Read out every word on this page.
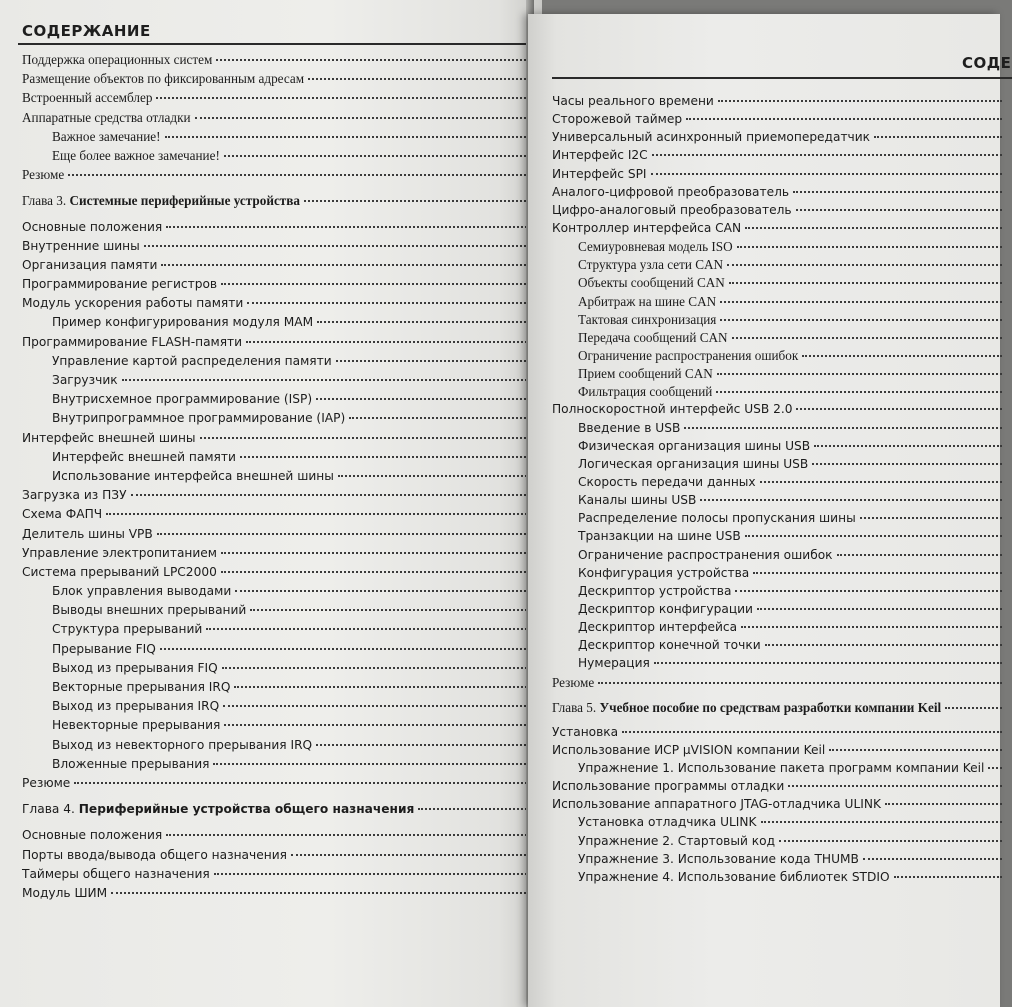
СОДЕРЖАНИЕ
Поддержка операционных систем
Размещение объектов по фиксированным адресам
Встроенный ассемблер
Аппаратные средства отладки
Важное замечание!
Еще более важное замечание!
Резюме
Глава 3. Системные периферийные устройства
Основные положения
Внутренние шины
Организация памяти
Программирование регистров
Модуль ускорения работы памяти
Пример конфигурирования модуля МАМ
Программирование FLASH-памяти
Управление картой распределения памяти
Загрузчик
Внутрисхемное программирование (ISP)
Внутрипрограммное программирование (IAP)
Интерфейс внешней шины
Интерфейс внешней памяти
Использование интерфейса внешней шины
Загрузка из ПЗУ
Схема ФАПЧ
Делитель шины VPB
Управление электропитанием
Система прерываний LPC2000
Блок управления выводами
Выводы внешних прерываний
Структура прерываний
Прерывание FIQ
Выход из прерывания FIQ
Векторные прерывания IRQ
Выход из прерывания IRQ
Невекторные прерывания
Выход из невекторного прерывания IRQ
Вложенные прерывания
Резюме
Глава 4. Периферийные устройства общего назначения
Основные положения
Порты ввода/вывода общего назначения
Таймеры общего назначения
Модуль ШИМ
СОДЕ
Часы реального времени
Сторожевой таймер
Универсальный асинхронный приемопередатчик
Интерфейс I2C
Интерфейс SPI
Аналого-цифровой преобразователь
Цифро-аналоговый преобразователь
Контроллер интерфейса CAN
Семиуровневая модель ISO
Структура узла сети CAN
Объекты сообщений CAN
Арбитраж на шине CAN
Тактовая синхронизация
Передача сообщений CAN
Ограничение распространения ошибок
Прием сообщений CAN
Фильтрация сообщений
Полноскоростной интерфейс USB 2.0
Введение в USB
Физическая организация шины USB
Логическая организация шины USB
Скорость передачи данных
Каналы шины USB
Распределение полосы пропускания шины
Транзакции на шине USB
Ограничение распространения ошибок
Конфигурация устройства
Дескриптор устройства
Дескриптор конфигурации
Дескриптор интерфейса
Дескриптор конечной точки
Нумерация
Резюме
Глава 5. Учебное пособие по средствам разработки компании Keil
Установка
Использование ИСР µVISION компании Keil
Упражнение 1. Использование пакета программ компании Keil
Использование программы отладки
Использование аппаратного JTAG-отладчика ULINK
Установка отладчика ULINK
Упражнение 2. Стартовый код
Упражнение 3. Использование кода THUMB
Упражнение 4. Использование библиотек STDIO
